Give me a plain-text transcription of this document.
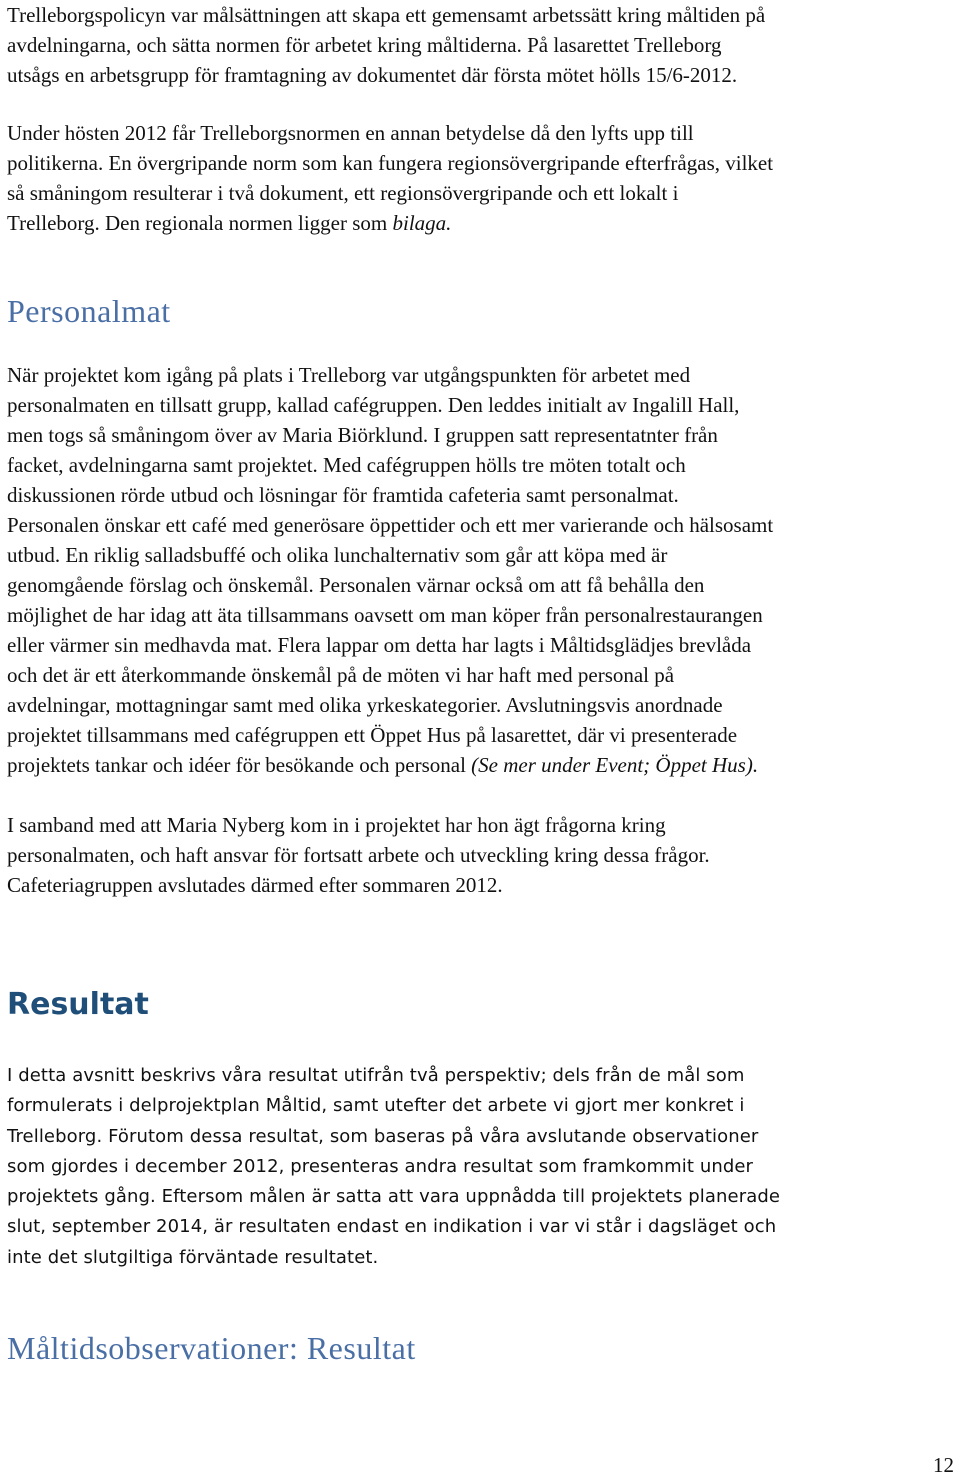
Trelleborgspolicyn var målsättningen att skapa ett gemensamt arbetssätt kring måltiden på
avdelningarna, och sätta normen för arbetet kring måltiderna. På lasarettet Trelleborg
utsågs en arbetsgrupp för framtagning av dokumentet där första mötet hölls 15/6-2012.
Under hösten 2012 får Trelleborgsnormen en annan betydelse då den lyfts upp till
politikerna. En övergripande norm som kan fungera regionsövergripande efterfrågas, vilket
så småningom resulterar i två dokument, ett regionsövergripande och ett lokalt i
Trelleborg. Den regionala normen ligger som bilaga.
Personalmat
När projektet kom igång på plats i Trelleborg var utgångspunkten för arbetet med
personalmaten en tillsatt grupp, kallad cafégruppen. Den leddes initialt av Ingalill Hall,
men togs så småningom över av Maria Biörklund. I gruppen satt representatnter från
facket, avdelningarna samt projektet. Med cafégruppen hölls tre möten totalt och
diskussionen rörde utbud och lösningar för framtida cafeteria samt personalmat.
Personalen önskar ett café med generösare öppettider och ett mer varierande och hälsosamt
utbud. En riklig salladsbuffé och olika lunchalternativ som går att köpa med är
genomgående förslag och önskemål. Personalen värnar också om att få behålla den
möjlighet de har idag att äta tillsammans oavsett om man köper från personalrestaurangen
eller värmer sin medhavda mat. Flera lappar om detta har lagts i Måltidsglädjes brevlåda
och det är ett återkommande önskemål på de möten vi har haft med personal på
avdelningar, mottagningar samt med olika yrkeskategorier. Avslutningsvis anordnade
projektet tillsammans med cafégruppen ett Öppet Hus på lasarettet, där vi presenterade
projektets tankar och idéer för besökande och personal (Se mer under Event; Öppet Hus).
I samband med att Maria Nyberg kom in i projektet har hon ägt frågorna kring
personalmaten, och haft ansvar för fortsatt arbete och utveckling kring dessa frågor.
Cafeteriagruppen avslutades därmed efter sommaren 2012.
Resultat
I detta avsnitt beskrivs våra resultat utifrån två perspektiv; dels från de mål som
formulerats i delprojektplan Måltid, samt utefter det arbete vi gjort mer konkret i
Trelleborg. Förutom dessa resultat, som baseras på våra avslutande observationer
som gjordes i december 2012, presenteras andra resultat som framkommit under
projektets gång. Eftersom målen är satta att vara uppnådda till projektets planerade
slut, september 2014, är resultaten endast en indikation i var vi står i dagsläget och
inte det slutgiltiga förväntade resultatet.
Måltidsobservationer: Resultat
12
